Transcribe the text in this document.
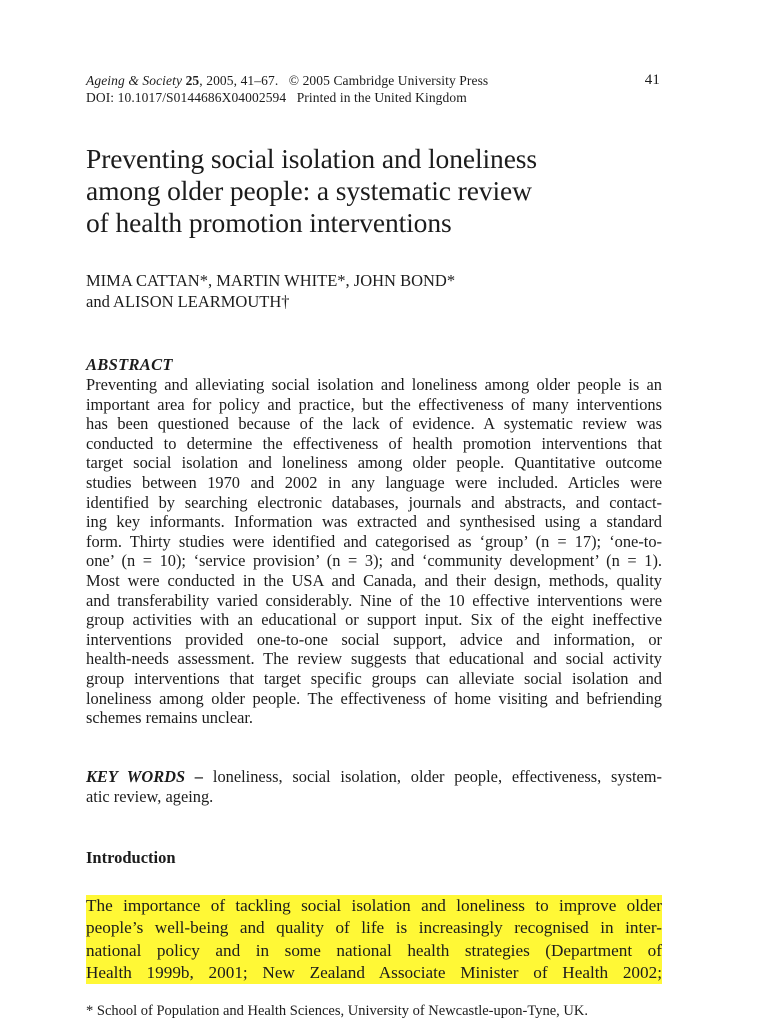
Ageing & Society 25, 2005, 41–67. © 2005 Cambridge University Press
DOI: 10.1017/S0144686X04002594 Printed in the United Kingdom
41
Preventing social isolation and loneliness
among older people: a systematic review
of health promotion interventions
MIMA CATTAN*, MARTIN WHITE*, JOHN BOND*
and ALISON LEARMOUTH†
ABSTRACT
Preventing and alleviating social isolation and loneliness among older people is an
important area for policy and practice, but the effectiveness of many interventions
has been questioned because of the lack of evidence. A systematic review was
conducted to determine the effectiveness of health promotion interventions that
target social isolation and loneliness among older people. Quantitative outcome
studies between 1970 and 2002 in any language were included. Articles were
identified by searching electronic databases, journals and abstracts, and contact-
ing key informants. Information was extracted and synthesised using a standard
form. Thirty studies were identified and categorised as ‘group’ (n = 17); ‘one-to-
one’ (n = 10); ‘service provision’ (n = 3); and ‘community development’ (n = 1).
Most were conducted in the USA and Canada, and their design, methods, quality
and transferability varied considerably. Nine of the 10 effective interventions were
group activities with an educational or support input. Six of the eight ineffective
interventions provided one-to-one social support, advice and information, or
health-needs assessment. The review suggests that educational and social activity
group interventions that target specific groups can alleviate social isolation and
loneliness among older people. The effectiveness of home visiting and befriending
schemes remains unclear.
KEY WORDS – loneliness, social isolation, older people, effectiveness, system-
atic review, ageing.
Introduction
The importance of tackling social isolation and loneliness to improve older
people’s well-being and quality of life is increasingly recognised in inter-
national policy and in some national health strategies (Department of
Health 1999b, 2001; New Zealand Associate Minister of Health 2002;
* School of Population and Health Sciences, University of Newcastle-upon-Tyne, UK.
